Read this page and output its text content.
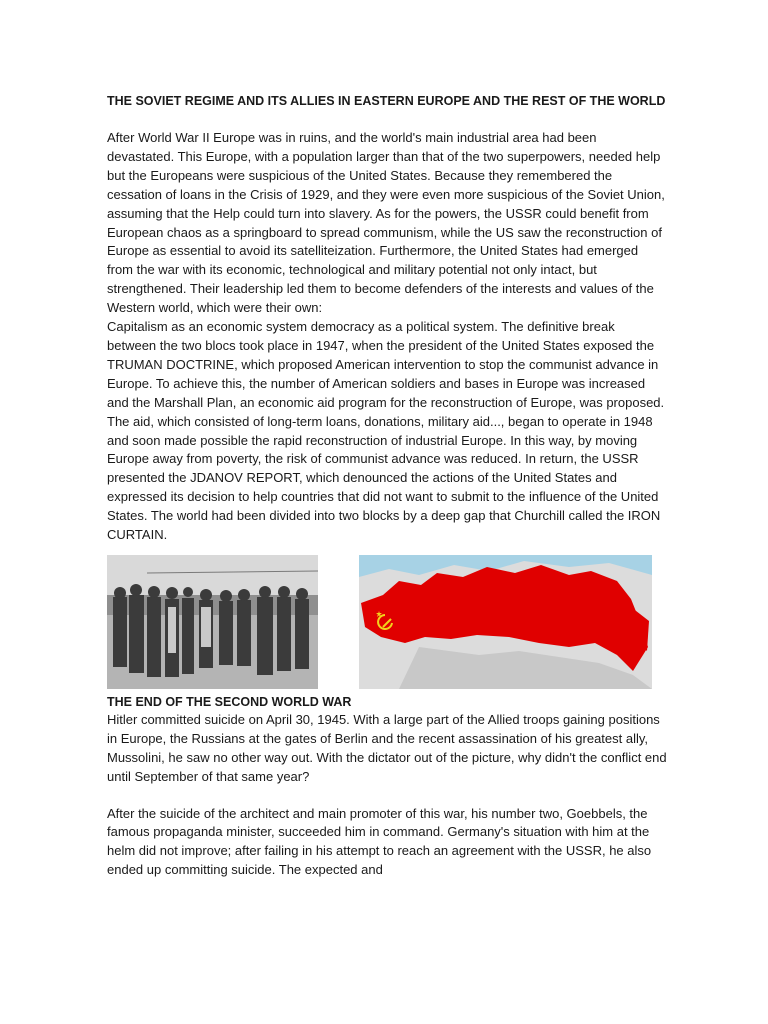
THE SOVIET REGIME AND ITS ALLIES IN EASTERN EUROPE AND THE REST OF THE WORLD

After World War II Europe was in ruins, and the world's main industrial area had been devastated. This Europe, with a population larger than that of the two superpowers, needed help but the Europeans were suspicious of the United States. Because they remembered the cessation of loans in the Crisis of 1929, and they were even more suspicious of the Soviet Union, assuming that the Help could turn into slavery. As for the powers, the USSR could benefit from European chaos as a springboard to spread communism, while the US saw the reconstruction of Europe as essential to avoid its satelliteization. Furthermore, the United States had emerged from the war with its economic, technological and military potential not only intact, but strengthened. Their leadership led them to become defenders of the interests and values of the Western world, which were their own:

Capitalism as an economic system democracy as a political system. The definitive break between the two blocs took place in 1947, when the president of the United States exposed the TRUMAN DOCTRINE, which proposed American intervention to stop the communist advance in Europe. To achieve this, the number of American soldiers and bases in Europe was increased and the Marshall Plan, an economic aid program for the reconstruction of Europe, was proposed. The aid, which consisted of long-term loans, donations, military aid..., began to operate in 1948 and soon made possible the rapid reconstruction of industrial Europe. In this way, by moving Europe away from poverty, the risk of communist advance was reduced. In return, the USSR presented the JDANOV REPORT, which denounced the actions of the United States and expressed its decision to help countries that did not want to submit to the influence of the United States. The world had been divided into two blocks by a deep gap that Churchill called the IRON CURTAIN.

THE END OF THE SECOND WORLD WAR

Hitler committed suicide on April 30, 1945. With a large part of the Allied troops gaining positions in Europe, the Russians at the gates of Berlin and the recent assassination of his greatest ally, Mussolini, he saw no other way out. With the dictator out of the picture, why didn't the conflict end until September of that same year?

After the suicide of the architect and main promoter of this war, his number two, Goebbels, the famous propaganda minister, succeeded him in command. Germany's situation with him at the helm did not improve; after failing in his attempt to reach an agreement with the USSR, he also ended up committing suicide. The expected and
